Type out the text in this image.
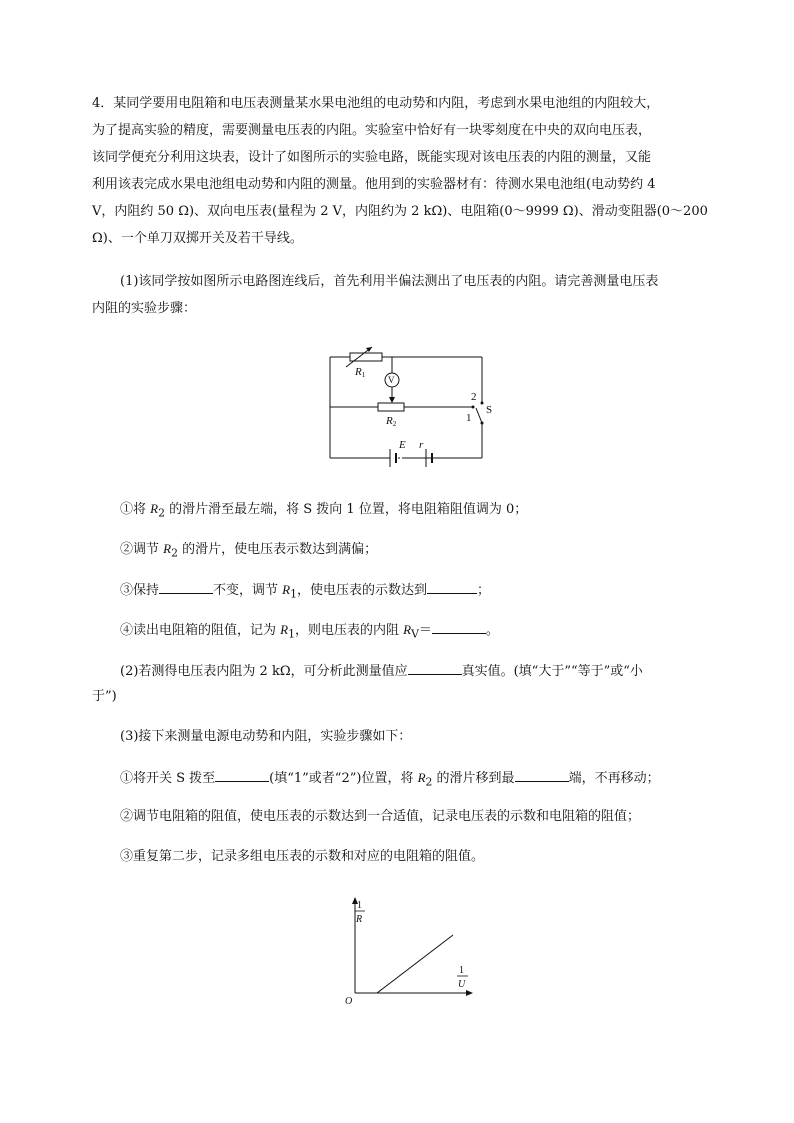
4．某同学要用电阻箱和电压表测量某水果电池组的电动势和内阻，考虑到水果电池组的内阻较大，
为了提高实验的精度，需要测量电压表的内阻。实验室中恰好有一块零刻度在中央的双向电压表，
该同学便充分利用这块表，设计了如图所示的实验电路，既能实现对该电压表的内阻的测量，又能
利用该表完成水果电池组电动势和内阻的测量。他用到的实验器材有：待测水果电池组(电动势约 4
V，内阻约 50 Ω)、双向电压表(量程为 2 V，内阻约为 2 kΩ)、电阻箱(0～9999 Ω)、滑动变阻器(0～200
Ω)、一个单刀双掷开关及若干导线。
(1)该同学按如图所示电路图连线后，首先利用半偏法测出了电压表的内阻。请完善测量电压表
内阻的实验步骤：
R1	V
R2
E r
S
2
1
①将 $R_2$ 的滑片滑至最左端，将 S 拨向 1 位置，将电阻箱阻值调为 0；
②调节 $R_2$ 的滑片，使电压表示数达到满偏；
③保持	不变，调节 $R_1$，使电压表的示数达到	；
④读出电阻箱的阻值，记为 $R_1$，则电压表的内阻 $R_V=$	。
(2)若测得电压表内阻为 2 kΩ，可分析此测量值应	真实值。(填“大于”“等于”或“小
于”)
(3)接下来测量电源电动势和内阻，实验步骤如下：
①将开关 S 拨至	(填“1”或者“2”)位置，将 $R_2$ 的滑片移到最	端，不再移动；
②调节电阻箱的阻值，使电压表的示数达到一合适值，记录电压表的示数和电阻箱的阻值；
③重复第二步，记录多组电压表的示数和对应的电阻箱的阻值。
1
R
1
U
O
